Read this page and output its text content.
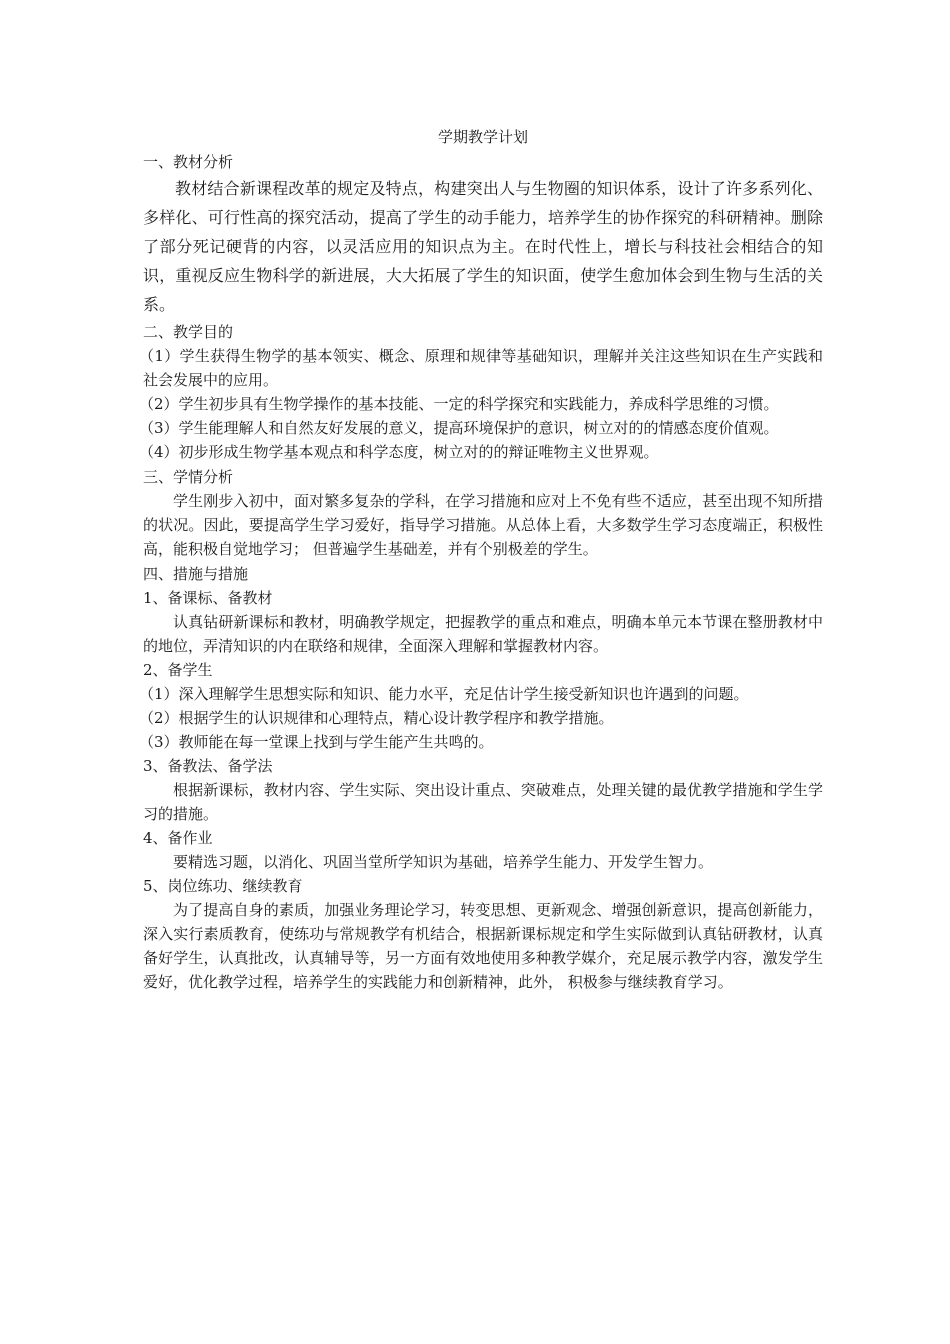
学期教学计划

一、教材分析

教材结合新课程改革的规定及特点，构建突出人与生物圈的知识体系，设计了许多系列化、多样化、可行性高的探究活动，提高了学生的动手能力，培养学生的协作探究的科研精神。删除了部分死记硬背的内容，以灵活应用的知识点为主。在时代性上，增长与科技社会相结合的知识，重视反应生物科学的新进展，大大拓展了学生的知识面，使学生愈加体会到生物与生活的关系。

二、教学目的

（1）学生获得生物学的基本领实、概念、原理和规律等基础知识，理解并关注这些知识在生产实践和社会发展中的应用。

（2）学生初步具有生物学操作的基本技能、一定的科学探究和实践能力，养成科学思维的习惯。

（3）学生能理解人和自然友好发展的意义，提高环境保护的意识，树立对的的情感态度价值观。

（4）初步形成生物学基本观点和科学态度，树立对的的辩证唯物主义世界观。

三、学情分析

学生刚步入初中，面对繁多复杂的学科，在学习措施和应对上不免有些不适应，甚至出现不知所措的状况。因此，要提高学生学习爱好，指导学习措施。从总体上看，大多数学生学习态度端正，积极性高，能积极自觉地学习； 但普遍学生基础差，并有个别极差的学生。

四、措施与措施

1、备课标、备教材

认真钻研新课标和教材，明确教学规定，把握教学的重点和难点，明确本单元本节课在整册教材中的地位，弄清知识的内在联络和规律，全面深入理解和掌握教材内容。

2、备学生

（1）深入理解学生思想实际和知识、能力水平，充足估计学生接受新知识也许遇到的问题。

（2）根据学生的认识规律和心理特点，精心设计教学程序和教学措施。

（3）教师能在每一堂课上找到与学生能产生共鸣的。

3、备教法、备学法

根据新课标，教材内容、学生实际、突出设计重点、突破难点，处理关键的最优教学措施和学生学习的措施。

4、备作业

要精选习题，以消化、巩固当堂所学知识为基础，培养学生能力、开发学生智力。

5、岗位练功、继续教育

为了提高自身的素质，加强业务理论学习，转变思想、更新观念、增强创新意识，提高创新能力，深入实行素质教育，使练功与常规教学有机结合，根据新课标规定和学生实际做到认真钻研教材，认真备好学生，认真批改，认真辅导等，另一方面有效地使用多种教学媒介，充足展示教学内容，激发学生爱好，优化教学过程，培养学生的实践能力和创新精神，此外， 积极参与继续教育学习。
